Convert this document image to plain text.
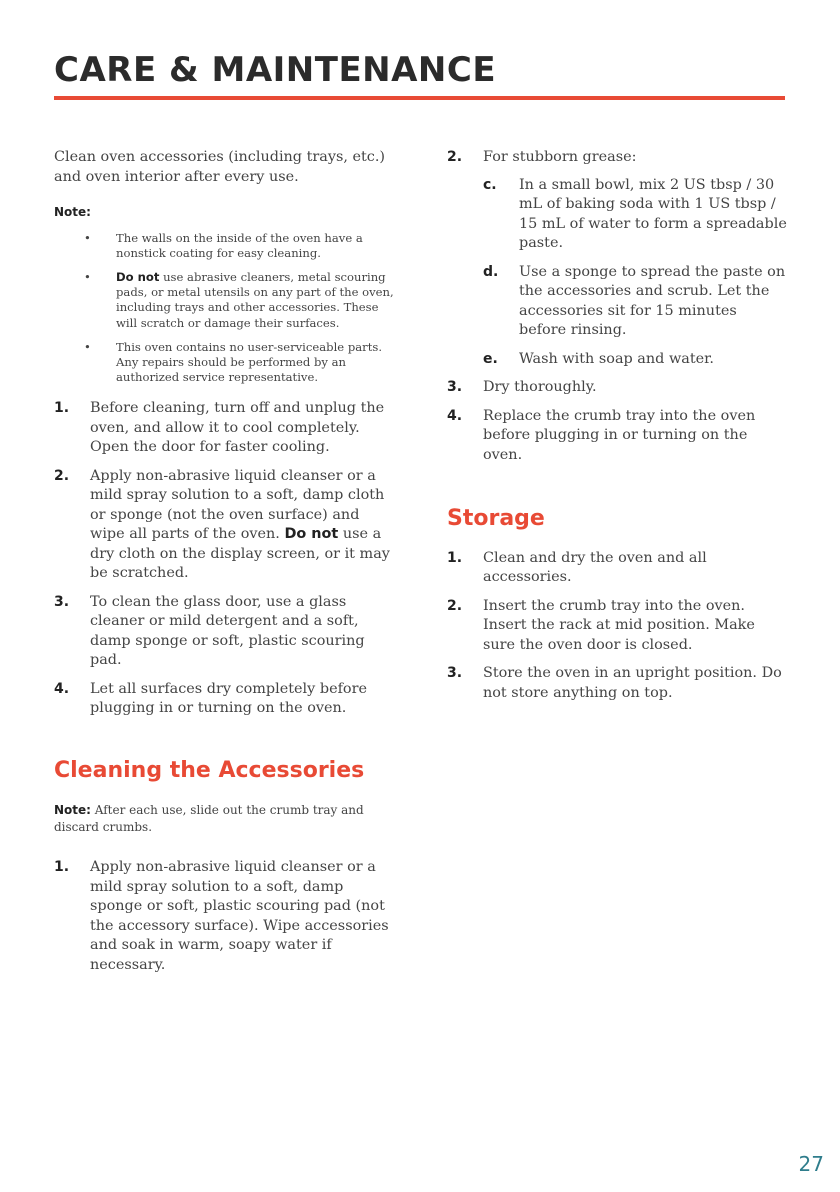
CARE & MAINTENANCE

Clean oven accessories (including trays, etc.) and oven interior after every use.

Note:
• The walls on the inside of the oven have a nonstick coating for easy cleaning.
• Do not use abrasive cleaners, metal scouring pads, or metal utensils on any part of the oven, including trays and other accessories. These will scratch or damage their surfaces.
• This oven contains no user-serviceable parts. Any repairs should be performed by an authorized service representative.
1. Before cleaning, turn off and unplug the oven, and allow it to cool completely. Open the door for faster cooling.
2. Apply non-abrasive liquid cleanser or a mild spray solution to a soft, damp cloth or sponge (not the oven surface) and wipe all parts of the oven. Do not use a dry cloth on the display screen, or it may be scratched.
3. To clean the glass door, use a glass cleaner or mild detergent and a soft, damp sponge or soft, plastic scouring pad.
4. Let all surfaces dry completely before plugging in or turning on the oven.
Cleaning the Accessories

Note: After each use, slide out the crumb tray and discard crumbs.

1. Apply non-abrasive liquid cleanser or a mild spray solution to a soft, damp sponge or soft, plastic scouring pad (not the accessory surface). Wipe accessories and soak in warm, soapy water if necessary.
2. For stubborn grease:
c. In a small bowl, mix 2 US tbsp / 30 mL of baking soda with 1 US tbsp / 15 mL of water to form a spreadable paste.
d. Use a sponge to spread the paste on the accessories and scrub. Let the accessories sit for 15 minutes before rinsing.
e. Wash with soap and water.
3. Dry thoroughly.
4. Replace the crumb tray into the oven before plugging in or turning on the oven.
Storage
1. Clean and dry the oven and all accessories.
2. Insert the crumb tray into the oven. Insert the rack at mid position. Make sure the oven door is closed.
3. Store the oven in an upright position. Do not store anything on top.
27
